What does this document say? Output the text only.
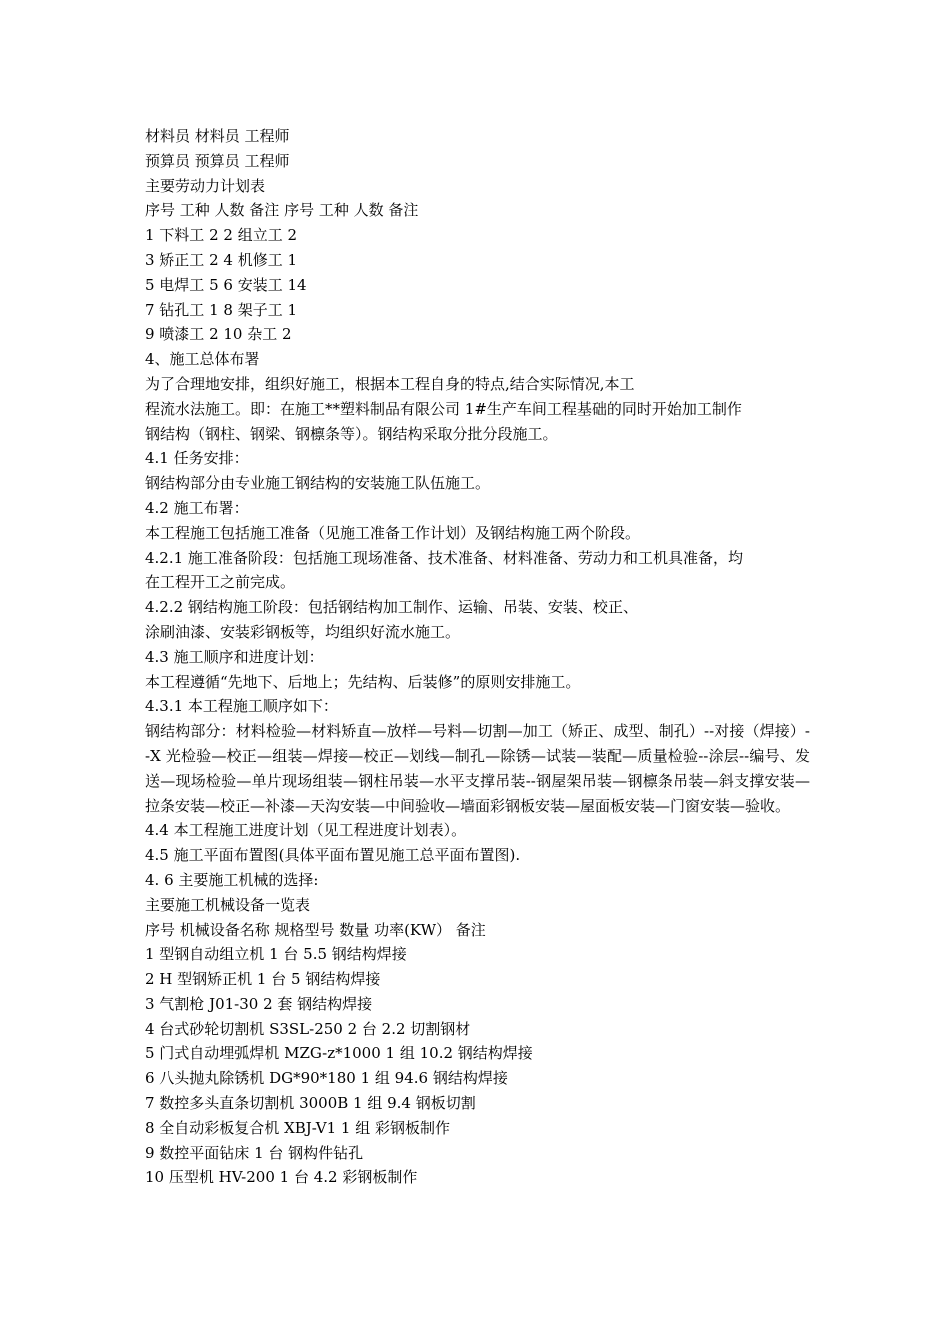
材料员 材料员 工程师
预算员 预算员 工程师
主要劳动力计划表
序号 工种 人数 备注 序号 工种 人数 备注
1 下料工 2 2 组立工 2
3 矫正工 2 4 机修工 1
5 电焊工 5 6 安装工 14
7 钻孔工 1 8 架子工 1
9 喷漆工 2 10 杂工 2
4、施工总体布署
为了合理地安排，组织好施工，根据本工程自身的特点,结合实际情况,本工
程流水法施工。即：在施工**塑料制品有限公司 1#生产车间工程基础的同时开始加工制作
钢结构（钢柱、钢梁、钢檩条等）。钢结构采取分批分段施工。
4.1 任务安排：
钢结构部分由专业施工钢结构的安装施工队伍施工。
4.2 施工布署：
本工程施工包括施工准备（见施工准备工作计划）及钢结构施工两个阶段。
4.2.1 施工准备阶段：包括施工现场准备、技术准备、材料准备、劳动力和工机具准备，均
在工程开工之前完成。
4.2.2 钢结构施工阶段：包括钢结构加工制作、运输、吊装、安装、校正、
涂刷油漆、安装彩钢板等，均组织好流水施工。
4.3 施工顺序和进度计划：
本工程遵循“先地下、后地上；先结构、后装修”的原则安排施工。
4.3.1 本工程施工顺序如下：
钢结构部分：材料检验—材料矫直—放样—号料—切割—加工（矫正、成型、制孔）--对接（焊接）--X 光检验—校正—组装—焊接—校正—划线—制孔—除锈—试装—装配—质量检验--涂层--编号、发送—现场检验—单片现场组装—钢柱吊装—水平支撑吊装--钢屋架吊装—钢檩条吊装—斜支撑安装—拉条安装—校正—补漆—天沟安装—中间验收—墙面彩钢板安装—屋面板安装—门窗安装—验收。
4.4 本工程施工进度计划（见工程进度计划表）。
4.5 施工平面布置图(具体平面布置见施工总平面布置图).
4. 6 主要施工机械的选择:
主要施工机械设备一览表
序号 机械设备名称 规格型号 数量 功率(KW） 备注
1 型钢自动组立机 1 台 5.5 钢结构焊接
2 H 型钢矫正机 1 台 5 钢结构焊接
3 气割枪 J01-30 2 套 钢结构焊接
4 台式砂轮切割机 S3SL-250 2 台 2.2 切割钢材
5 门式自动埋弧焊机 MZG-z*1000 1 组 10.2 钢结构焊接
6 八头抛丸除锈机 DG*90*180 1 组 94.6 钢结构焊接
7 数控多头直条切割机 3000B 1 组 9.4 钢板切割
8 全自动彩板复合机 XBJ-V1 1 组 彩钢板制作
9 数控平面钻床 1 台 钢构件钻孔
10 压型机 HV-200 1 台 4.2 彩钢板制作
